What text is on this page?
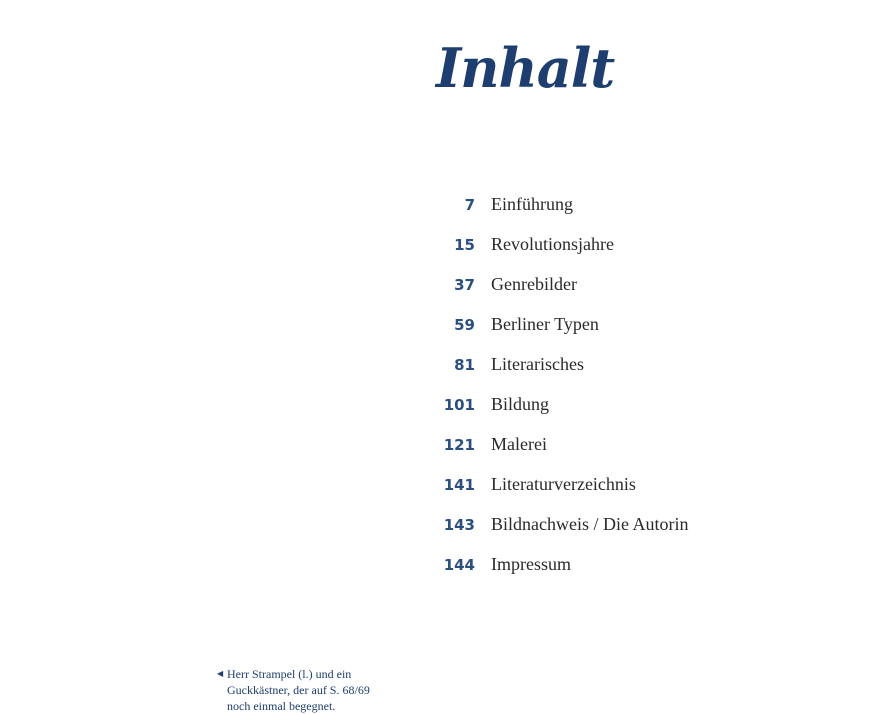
Inhalt
7 Einführung
15 Revolutionsjahre
37 Genrebilder
59 Berliner Typen
81 Literarisches
101 Bildung
121 Malerei
141 Literaturverzeichnis
143 Bildnachweis / Die Autorin
144 Impressum
◀ Herr Strampel (l.) und ein
Guckkästner, der auf S. 68/69
noch einmal begegnet.
